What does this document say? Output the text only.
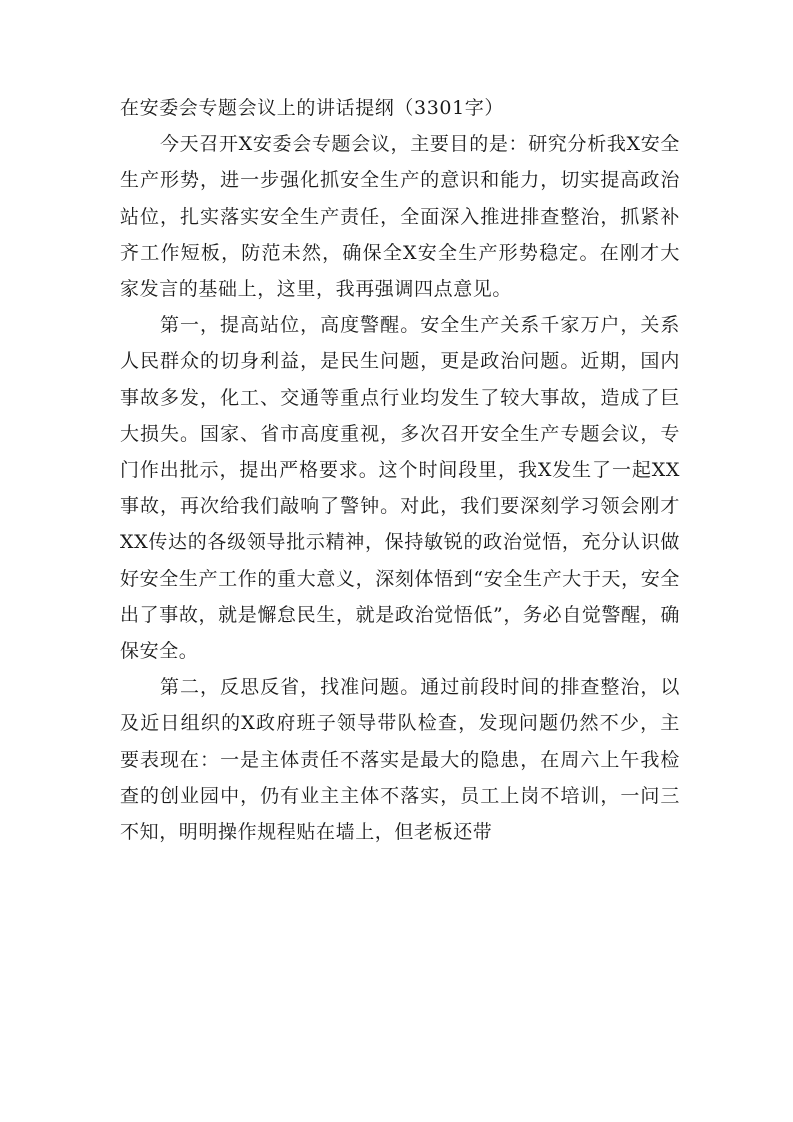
在安委会专题会议上的讲话提纲（3301字）

今天召开X安委会专题会议，主要目的是：研究分析我X安全生产形势，进一步强化抓安全生产的意识和能力，切实提高政治站位，扎实落实安全生产责任，全面深入推进排查整治，抓紧补齐工作短板，防范未然，确保全X安全生产形势稳定。在刚才大家发言的基础上，这里，我再强调四点意见。

第一，提高站位，高度警醒。安全生产关系千家万户，关系人民群众的切身利益，是民生问题，更是政治问题。近期，国内事故多发，化工、交通等重点行业均发生了较大事故，造成了巨大损失。国家、省市高度重视，多次召开安全生产专题会议，专门作出批示，提出严格要求。这个时间段里，我X发生了一起XX事故，再次给我们敲响了警钟。对此，我们要深刻学习领会刚才XX传达的各级领导批示精神，保持敏锐的政治觉悟，充分认识做好安全生产工作的重大意义，深刻体悟到“安全生产大于天，安全出了事故，就是懈怠民生，就是政治觉悟低”，务必自觉警醒，确保安全。

第二，反思反省，找准问题。通过前段时间的排查整治，以及近日组织的X政府班子领导带队检查，发现问题仍然不少，主要表现在：一是主体责任不落实是最大的隐患，在周六上午我检查的创业园中，仍有业主主体不落实，员工上岗不培训，一问三不知，明明操作规程贴在墙上，但老板还带
